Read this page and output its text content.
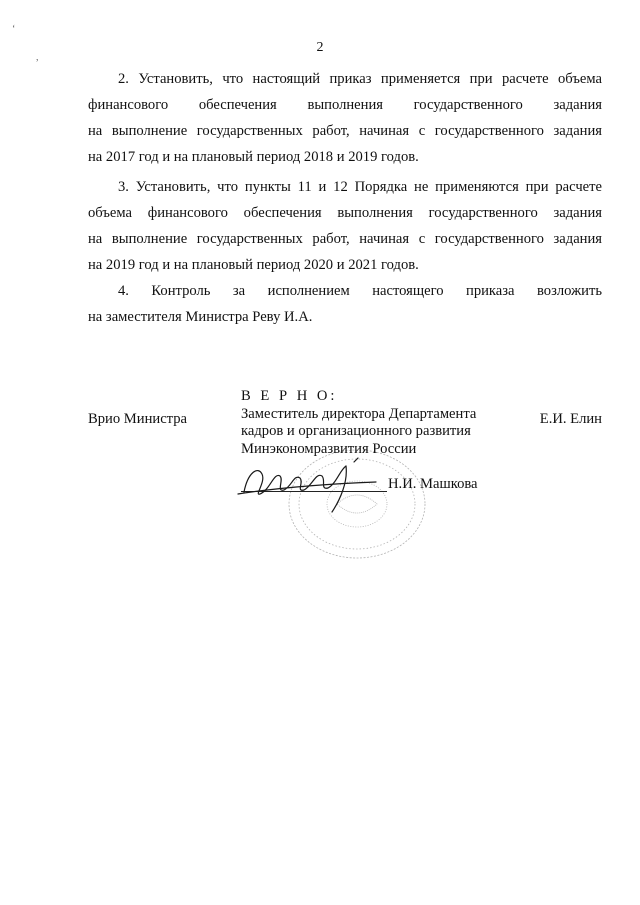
2
2. Установить, что настоящий приказ применяется при расчете объема
финансового обеспечения выполнения государственного задания
на выполнение государственных работ, начиная с государственного задания
на 2017 год и на плановый период 2018 и 2019 годов.
3. Установить, что пункты 11 и 12 Порядка не применяются при расчете
объема финансового обеспечения выполнения государственного задания
на выполнение государственных работ, начиная с государственного задания
на 2019 год и на плановый период 2020 и 2021 годов.
4. Контроль за исполнением настоящего приказа возложить
на заместителя Министра Реву И.А.
Врио Министра	Е.И. Елин
В Е Р Н О:
Заместитель директора Департамента
кадров и организационного развития
Минэкономразвития России
Н.И. Машкова
‘
,
